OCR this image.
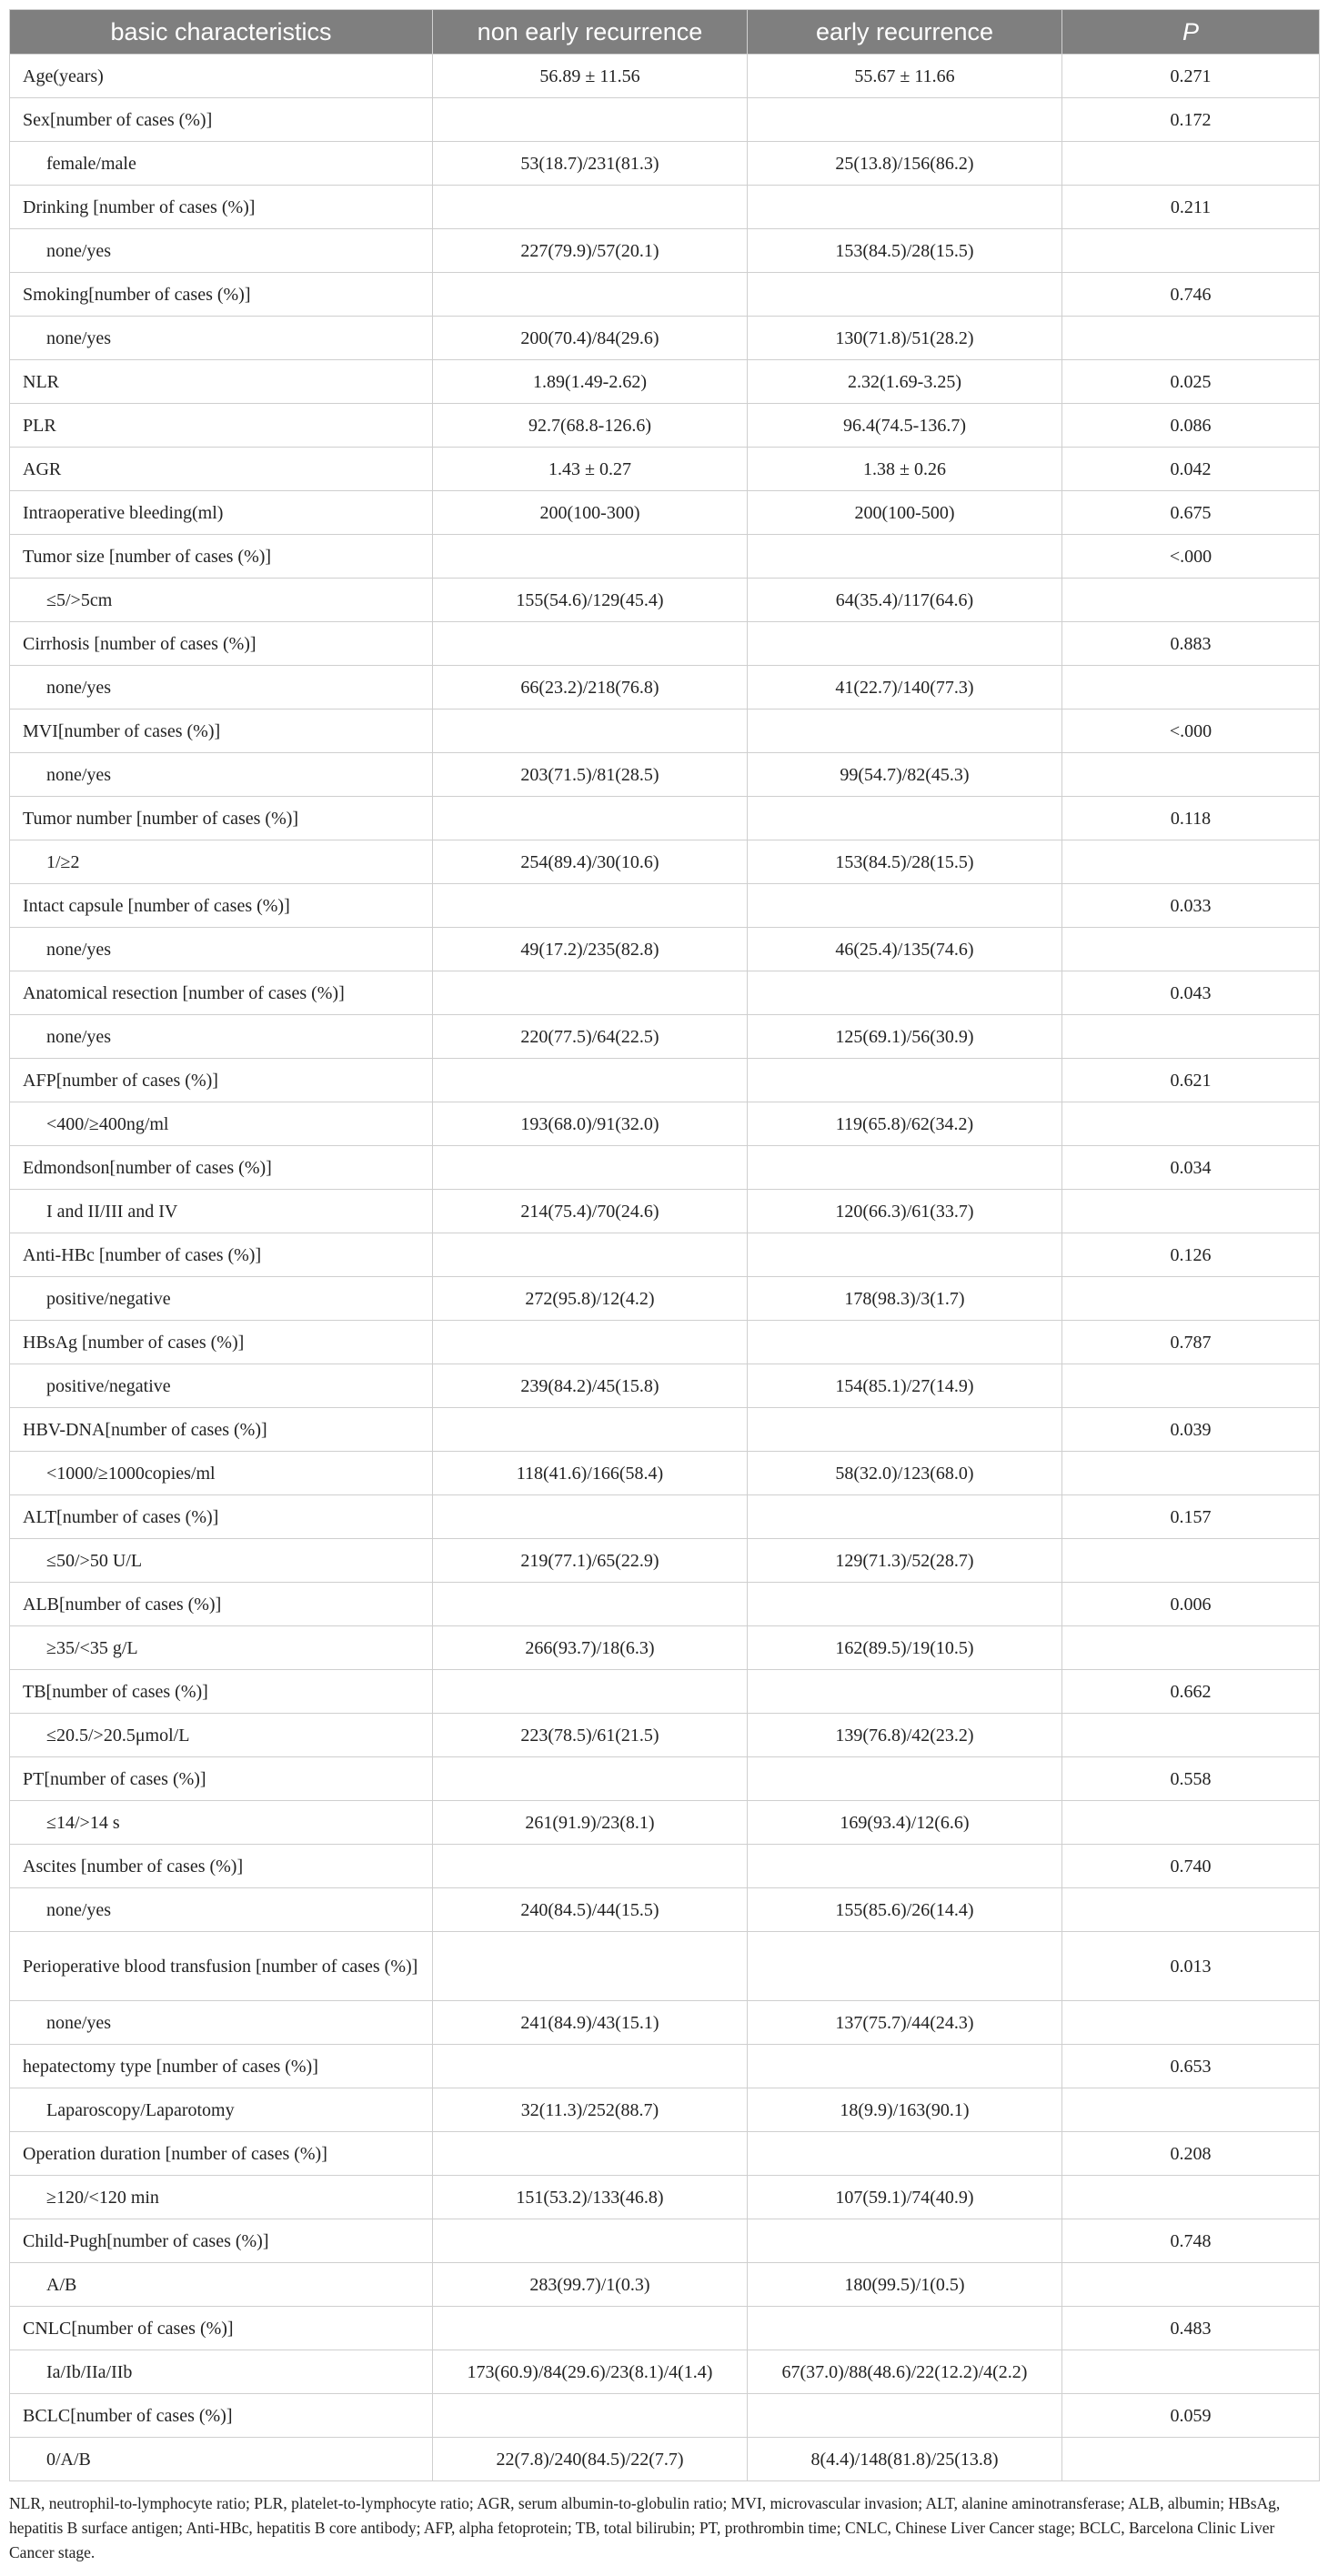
basic characteristics	non early recurrence	early recurrence	P
Age(years)	56.89 ± 11.56	55.67 ± 11.66	0.271
Sex[number of cases (%)]			0.172
female/male	53(18.7)/231(81.3)	25(13.8)/156(86.2)	
Drinking [number of cases (%)]			0.211
none/yes	227(79.9)/57(20.1)	153(84.5)/28(15.5)	
Smoking[number of cases (%)]			0.746
none/yes	200(70.4)/84(29.6)	130(71.8)/51(28.2)	
NLR	1.89(1.49-2.62)	2.32(1.69-3.25)	0.025
PLR	92.7(68.8-126.6)	96.4(74.5-136.7)	0.086
AGR	1.43 ± 0.27	1.38 ± 0.26	0.042
Intraoperative bleeding(ml)	200(100-300)	200(100-500)	0.675
Tumor size [number of cases (%)]			<.000
≤5/>5cm	155(54.6)/129(45.4)	64(35.4)/117(64.6)	
Cirrhosis [number of cases (%)]			0.883
none/yes	66(23.2)/218(76.8)	41(22.7)/140(77.3)	
MVI[number of cases (%)]			<.000
none/yes	203(71.5)/81(28.5)	99(54.7)/82(45.3)	
Tumor number [number of cases (%)]			0.118
1/≥2	254(89.4)/30(10.6)	153(84.5)/28(15.5)	
Intact capsule [number of cases (%)]			0.033
none/yes	49(17.2)/235(82.8)	46(25.4)/135(74.6)	
Anatomical resection [number of cases (%)]			0.043
none/yes	220(77.5)/64(22.5)	125(69.1)/56(30.9)	
AFP[number of cases (%)]			0.621
<400/≥400ng/ml	193(68.0)/91(32.0)	119(65.8)/62(34.2)	
Edmondson[number of cases (%)]			0.034
I and II/III and IV	214(75.4)/70(24.6)	120(66.3)/61(33.7)	
Anti-HBc [number of cases (%)]			0.126
positive/negative	272(95.8)/12(4.2)	178(98.3)/3(1.7)	
HBsAg [number of cases (%)]			0.787
positive/negative	239(84.2)/45(15.8)	154(85.1)/27(14.9)	
HBV-DNA[number of cases (%)]			0.039
<1000/≥1000copies/ml	118(41.6)/166(58.4)	58(32.0)/123(68.0)	
ALT[number of cases (%)]			0.157
≤50/>50 U/L	219(77.1)/65(22.9)	129(71.3)/52(28.7)	
ALB[number of cases (%)]			0.006
≥35/<35 g/L	266(93.7)/18(6.3)	162(89.5)/19(10.5)	
TB[number of cases (%)]			0.662
≤20.5/>20.5μmol/L	223(78.5)/61(21.5)	139(76.8)/42(23.2)	
PT[number of cases (%)]			0.558
≤14/>14 s	261(91.9)/23(8.1)	169(93.4)/12(6.6)	
Ascites [number of cases (%)]			0.740
none/yes	240(84.5)/44(15.5)	155(85.6)/26(14.4)	
Perioperative blood transfusion [number of cases (%)]			0.013
none/yes	241(84.9)/43(15.1)	137(75.7)/44(24.3)	
hepatectomy type [number of cases (%)]			0.653
Laparoscopy/Laparotomy	32(11.3)/252(88.7)	18(9.9)/163(90.1)	
Operation duration [number of cases (%)]			0.208
≥120/<120 min	151(53.2)/133(46.8)	107(59.1)/74(40.9)	
Child-Pugh[number of cases (%)]			0.748
A/B	283(99.7)/1(0.3)	180(99.5)/1(0.5)	
CNLC[number of cases (%)]			0.483
Ia/Ib/IIa/IIb	173(60.9)/84(29.6)/23(8.1)/4(1.4)	67(37.0)/88(48.6)/22(12.2)/4(2.2)	
BCLC[number of cases (%)]			0.059
0/A/B	22(7.8)/240(84.5)/22(7.7)	8(4.4)/148(81.8)/25(13.8)	
NLR, neutrophil-to-lymphocyte ratio; PLR, platelet-to-lymphocyte ratio; AGR, serum albumin-to-globulin ratio; MVI, microvascular invasion; ALT, alanine aminotransferase; ALB, albumin; HBsAg, hepatitis B surface antigen; Anti-HBc, hepatitis B core antibody; AFP, alpha fetoprotein; TB, total bilirubin; PT, prothrombin time; CNLC, Chinese Liver Cancer stage; BCLC, Barcelona Clinic Liver Cancer stage.
